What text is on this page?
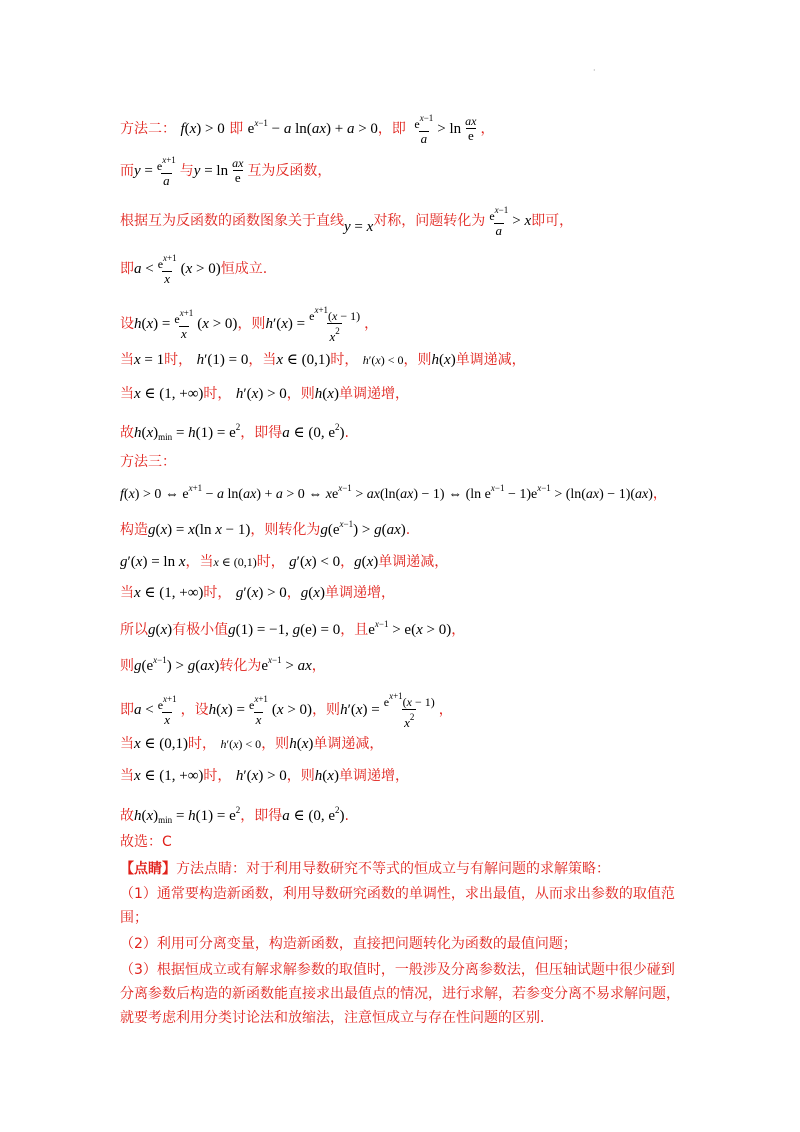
·
方法二： f(x) > 0 即 $e^{x-1} - a$ ln(ax) + a > 0，即 $\frac{e^{x-1}}{a} > \ln \frac{ax}{e}$ ，
而$y = \frac{e^{x+1}}{a}$ 与$y = \ln \frac{ax}{e}$ 互为反函数，
根据互为反函数的函数图象关于直线y = x对称，问题转化为 $\frac{e^{x-1}}{a} > x$即可，
即$a < \frac{e^{x+1}}{x} (x > 0)$恒成立.
设$h(x) = \frac{e^{x+1}}{x} (x > 0)$，则$h'(x) = \frac{e^{x+1}(x - 1)}{x^2}$ ，
当x = 1时， h′(1) = 0，当x ∈ (0,1)时， h′(x) < 0，则h(x)单调递减，
当x ∈ (1, +∞)时， h′(x) > 0，则h(x)单调递增，
故$h(x)_{min} = h(1) = e^2$，即得a ∈ (0, $e^2$).
方法三：
f(x) > 0 ⇔ $e^{x+1} - a$ ln(ax) + a > 0 ⇔ $xe^{x-1} > ax(\ln(ax) - 1)$ ⇔ (ln $e^{x-1} - 1)e^{x-1} > (\ln(ax) - 1)(ax)$，
构造g(x) = x(ln x − 1)，则转化为$g(e^{x-1}) > g(ax)$.
g′(x) = ln x，当x ∈ (0,1)时， g′(x) < 0，g(x)单调递减，
当x ∈ (1, +∞)时， g′(x) > 0，g(x)单调递增，
所以g(x)有极小值g(1) = −1, g(e) = 0，且$e^{x-1} > e(x > 0)$，
则$g(e^{x-1}) > g(ax)$转化为$e^{x-1}$ > ax，
即$a < \frac{e^{x+1}}{x}$ ，设$h(x) = \frac{e^{x+1}}{x} (x > 0)$，则$h'(x) = \frac{e^{x+1}(x - 1)}{x^2}$ ，
当x ∈ (0,1)时， h′(x) < 0，则h(x)单调递减，
当x ∈ (1, +∞)时， h′(x) > 0，则h(x)单调递增，
故$h(x)_{min} = h(1) = e^2$，即得a ∈ (0, $e^2$).
故选：C
【点睛】方法点睛：对于利用导数研究不等式的恒成立与有解问题的求解策略：
（1）通常要构造新函数，利用导数研究函数的单调性，求出最值，从而求出参数的取值范围；
（2）利用可分离变量，构造新函数，直接把问题转化为函数的最值问题；
（3）根据恒成立或有解求解参数的取值时，一般涉及分离参数法，但压轴试题中很少碰到分离参数后构造的新函数能直接求出最值点的情况，进行求解，若参变分离不易求解问题，就要考虑利用分类讨论法和放缩法，注意恒成立与存在性问题的区别.
